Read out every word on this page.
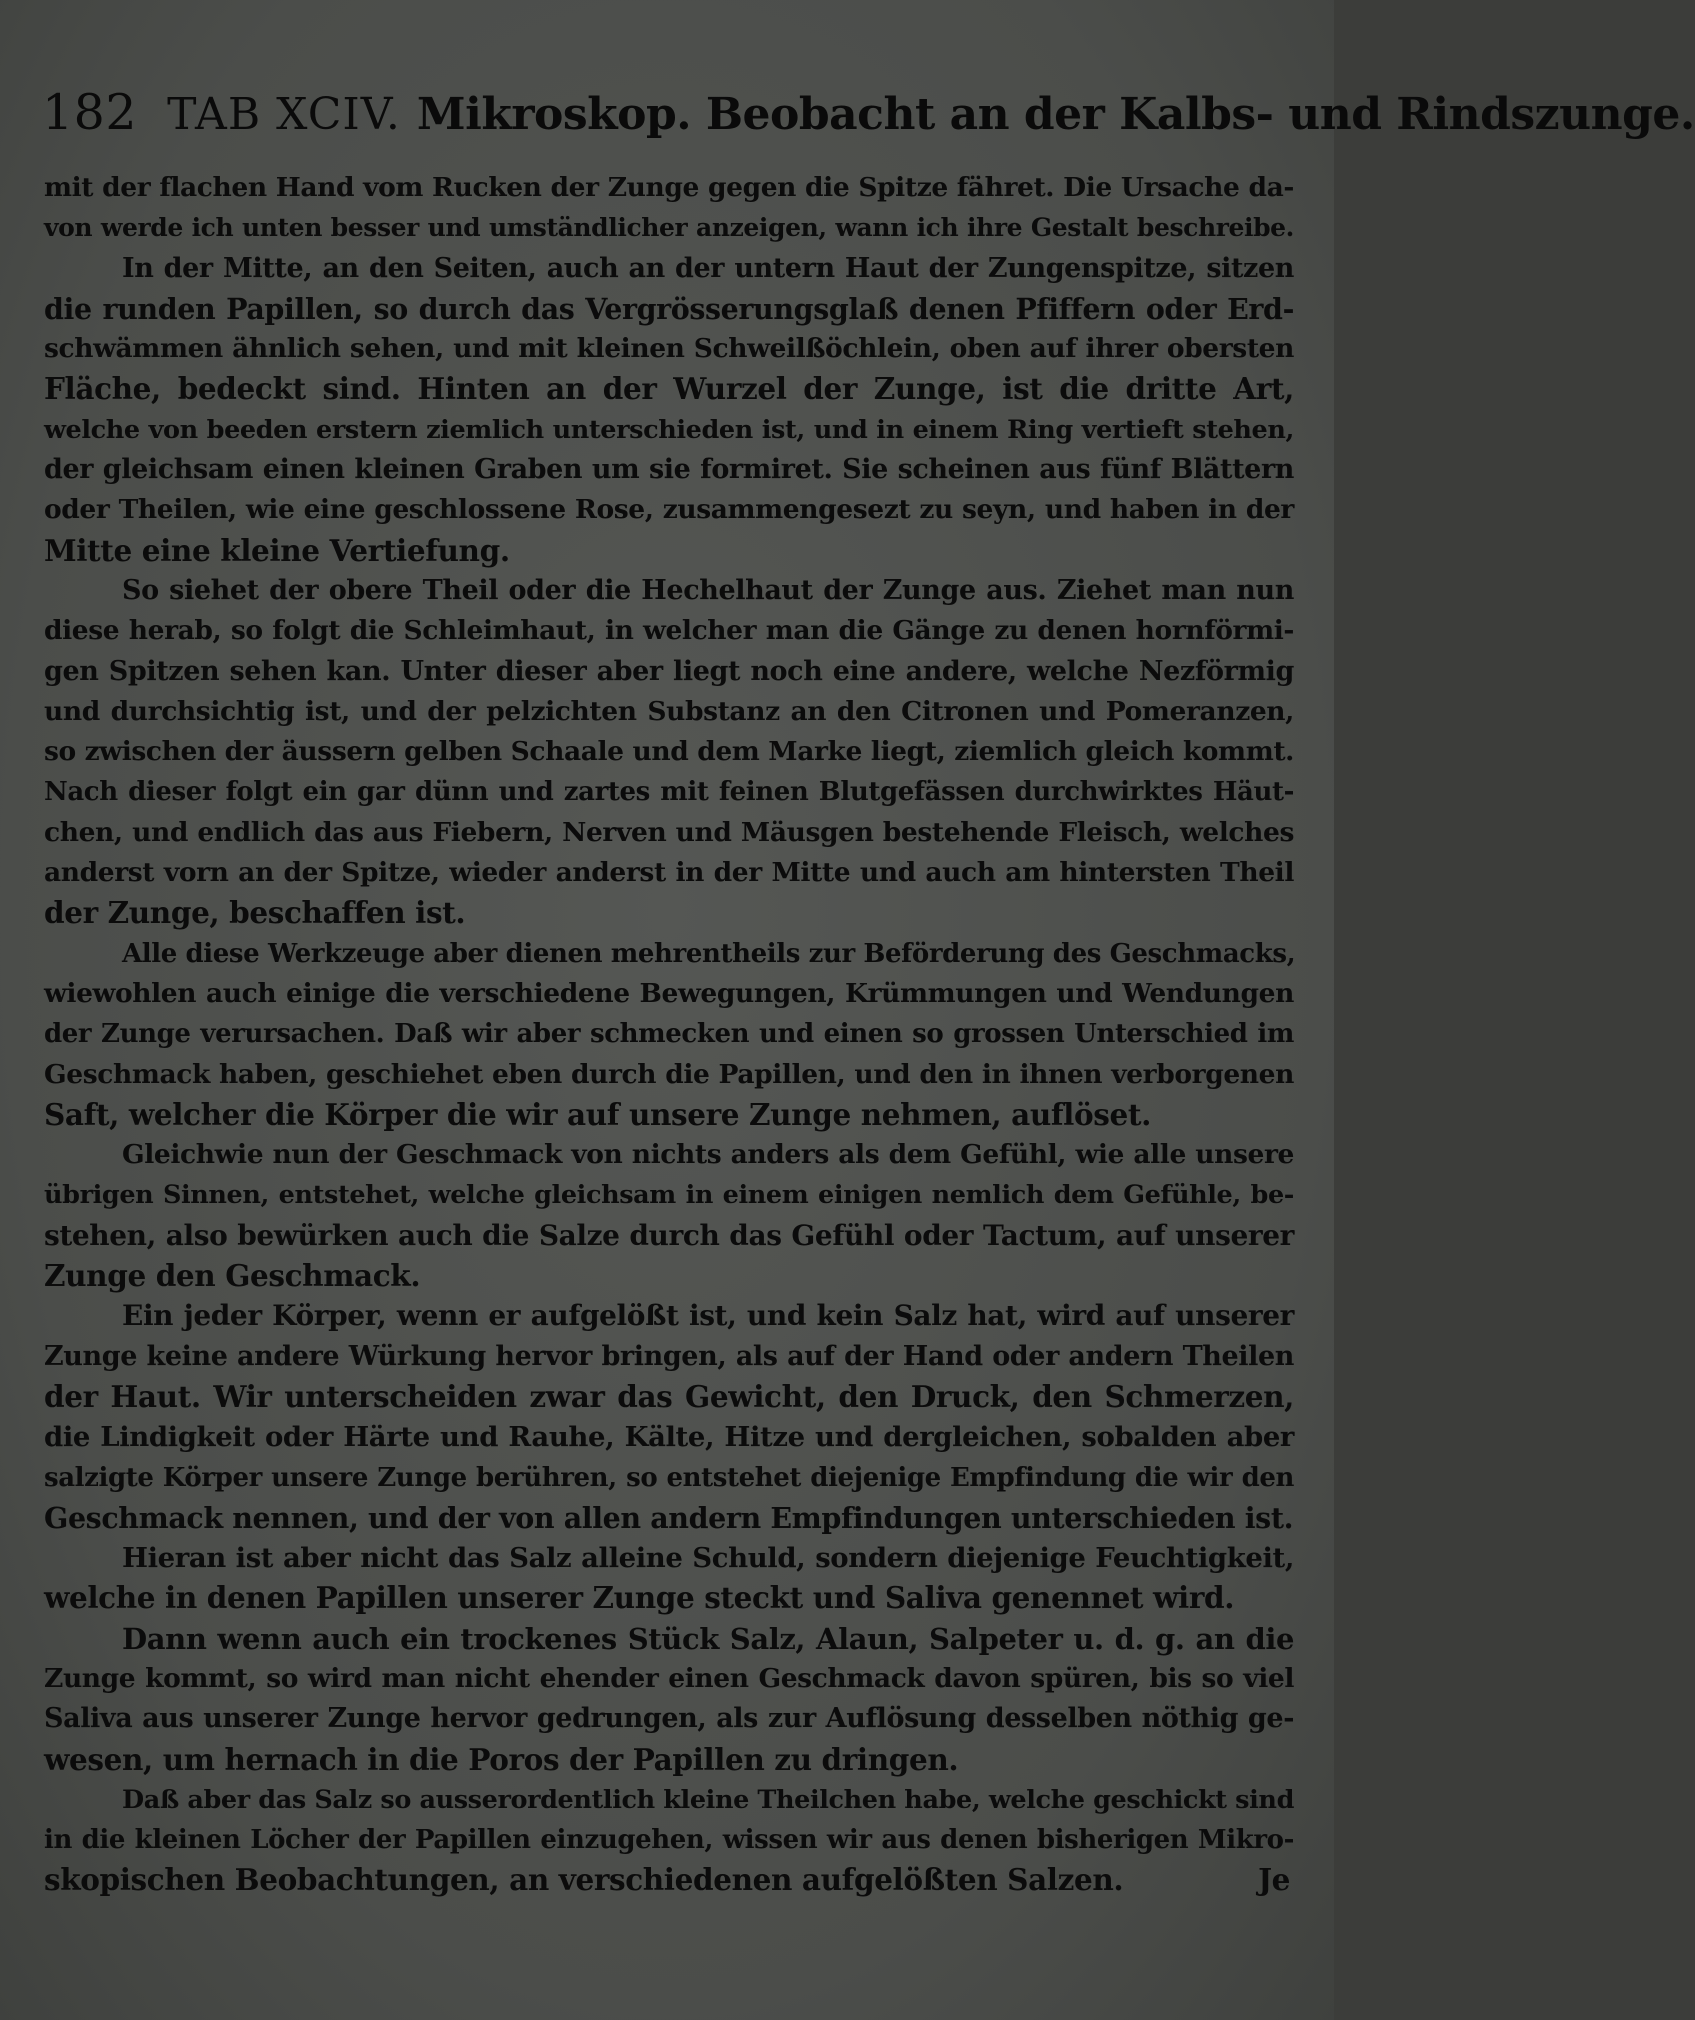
182 TAB XCIV. Mikroskop. Beobacht an der Kalbs- und Rindszunge.
mit der flachen Hand vom Rucken der Zunge gegen die Spitze fähret. Die Ursache da-
von werde ich unten besser und umständlicher anzeigen, wann ich ihre Gestalt beschreibe.
In der Mitte, an den Seiten, auch an der untern Haut der Zungenspitze, sitzen
die runden Papillen, so durch das Vergrösserungsglaß denen Pfiffern oder Erd-
schwämmen ähnlich sehen, und mit kleinen Schweilßöchlein, oben auf ihrer obersten
Fläche, bedeckt sind. Hinten an der Wurzel der Zunge, ist die dritte Art,
welche von beeden erstern ziemlich unterschieden ist, und in einem Ring vertieft stehen,
der gleichsam einen kleinen Graben um sie formiret. Sie scheinen aus fünf Blättern
oder Theilen, wie eine geschlossene Rose, zusammengesezt zu seyn, und haben in der
Mitte eine kleine Vertiefung.
So siehet der obere Theil oder die Hechelhaut der Zunge aus. Ziehet man nun
diese herab, so folgt die Schleimhaut, in welcher man die Gänge zu denen hornförmi-
gen Spitzen sehen kan. Unter dieser aber liegt noch eine andere, welche Nezförmig
und durchsichtig ist, und der pelzichten Substanz an den Citronen und Pomeranzen,
so zwischen der äussern gelben Schaale und dem Marke liegt, ziemlich gleich kommt.
Nach dieser folgt ein gar dünn und zartes mit feinen Blutgefässen durchwirktes Häut-
chen, und endlich das aus Fiebern, Nerven und Mäusgen bestehende Fleisch, welches
anderst vorn an der Spitze, wieder anderst in der Mitte und auch am hintersten Theil
der Zunge, beschaffen ist.
Alle diese Werkzeuge aber dienen mehrentheils zur Beförderung des Geschmacks,
wiewohlen auch einige die verschiedene Bewegungen, Krümmungen und Wendungen
der Zunge verursachen. Daß wir aber schmecken und einen so grossen Unterschied im
Geschmack haben, geschiehet eben durch die Papillen, und den in ihnen verborgenen
Saft, welcher die Körper die wir auf unsere Zunge nehmen, auflöset.
Gleichwie nun der Geschmack von nichts anders als dem Gefühl, wie alle unsere
übrigen Sinnen, entstehet, welche gleichsam in einem einigen nemlich dem Gefühle, be-
stehen, also bewürken auch die Salze durch das Gefühl oder Tactum, auf unserer
Zunge den Geschmack.
Ein jeder Körper, wenn er aufgelößt ist, und kein Salz hat, wird auf unserer
Zunge keine andere Würkung hervor bringen, als auf der Hand oder andern Theilen
der Haut. Wir unterscheiden zwar das Gewicht, den Druck, den Schmerzen,
die Lindigkeit oder Härte und Rauhe, Kälte, Hitze und dergleichen, sobalden aber
salzigte Körper unsere Zunge berühren, so entstehet diejenige Empfindung die wir den
Geschmack nennen, und der von allen andern Empfindungen unterschieden ist.
Hieran ist aber nicht das Salz alleine Schuld, sondern diejenige Feuchtigkeit,
welche in denen Papillen unserer Zunge steckt und Saliva genennet wird.
Dann wenn auch ein trockenes Stück Salz, Alaun, Salpeter u. d. g. an die
Zunge kommt, so wird man nicht ehender einen Geschmack davon spüren, bis so viel
Saliva aus unserer Zunge hervor gedrungen, als zur Auflösung desselben nöthig ge-
wesen, um hernach in die Poros der Papillen zu dringen.
Daß aber das Salz so ausserordentlich kleine Theilchen habe, welche geschickt sind
in die kleinen Löcher der Papillen einzugehen, wissen wir aus denen bisherigen Mikro-
skopischen Beobachtungen, an verschiedenen aufgelößten Salzen.	Je
